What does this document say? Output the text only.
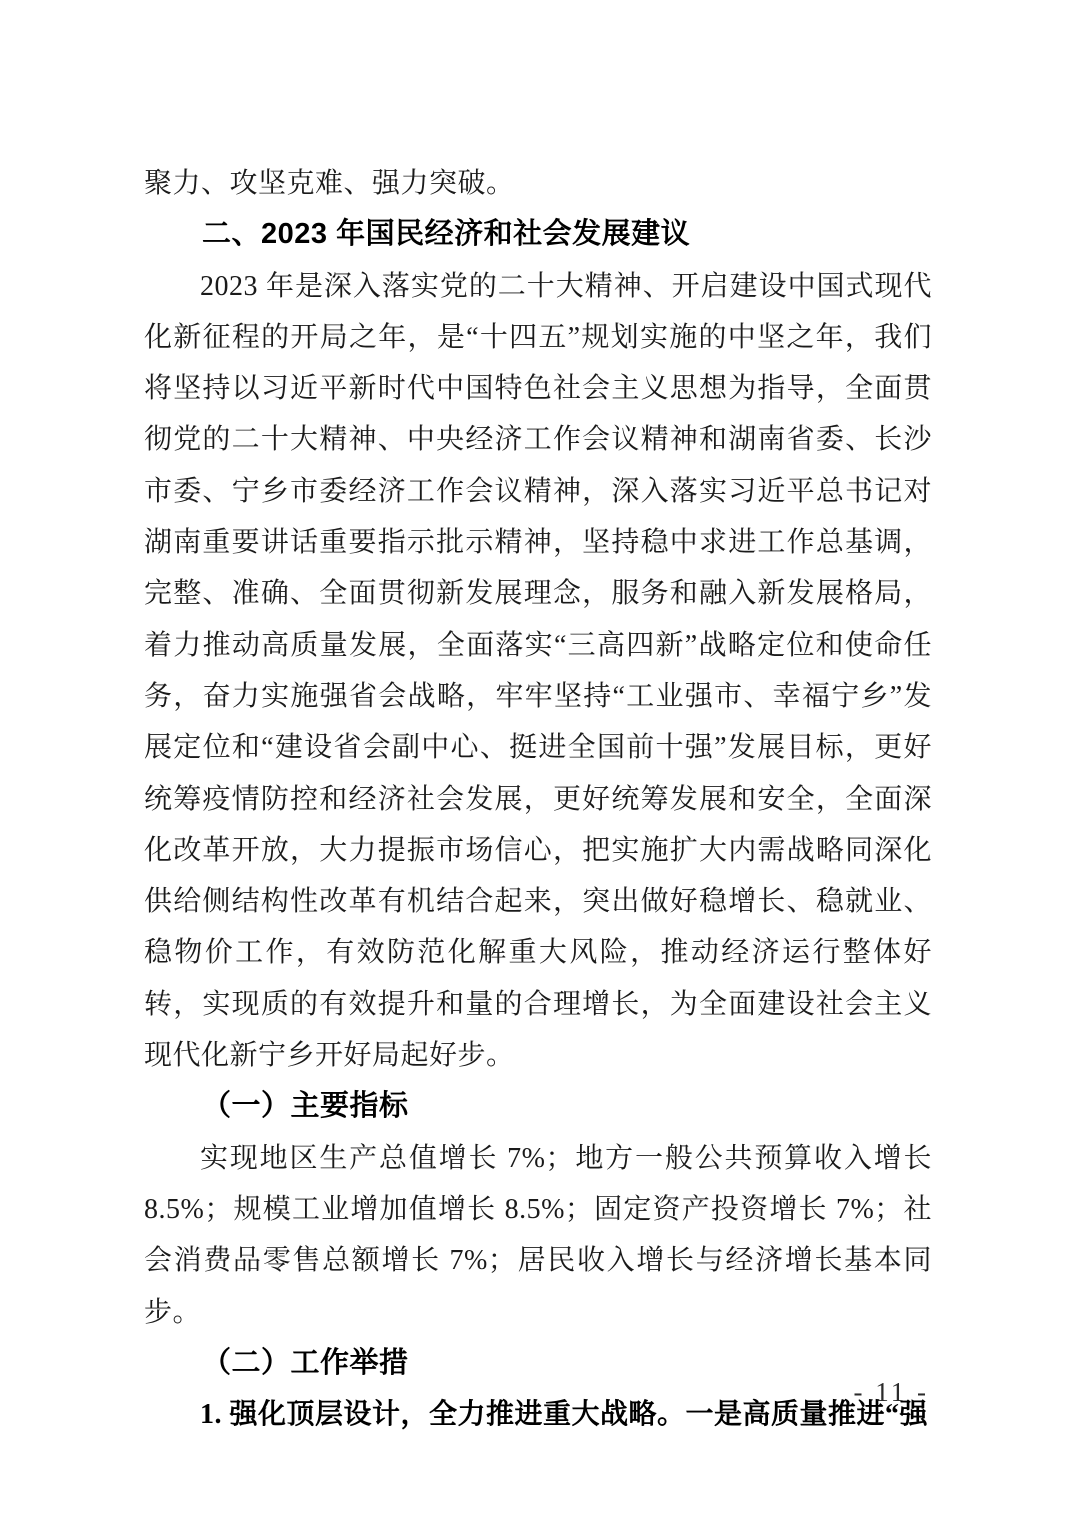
聚力、攻坚克难、强力突破。

二、2023 年国民经济和社会发展建议

2023 年是深入落实党的二十大精神、开启建设中国式现代化新征程的开局之年，是“十四五”规划实施的中坚之年，我们将坚持以习近平新时代中国特色社会主义思想为指导，全面贯彻党的二十大精神、中央经济工作会议精神和湖南省委、长沙市委、宁乡市委经济工作会议精神，深入落实习近平总书记对湖南重要讲话重要指示批示精神，坚持稳中求进工作总基调，完整、准确、全面贯彻新发展理念，服务和融入新发展格局，着力推动高质量发展，全面落实“三高四新”战略定位和使命任务，奋力实施强省会战略，牢牢坚持“工业强市、幸福宁乡”发展定位和“建设省会副中心、挺进全国前十强”发展目标，更好统筹疫情防控和经济社会发展，更好统筹发展和安全，全面深化改革开放，大力提振市场信心，把实施扩大内需战略同深化供给侧结构性改革有机结合起来，突出做好稳增长、稳就业、稳物价工作，有效防范化解重大风险，推动经济运行整体好转，实现质的有效提升和量的合理增长，为全面建设社会主义现代化新宁乡开好局起好步。

（一）主要指标

实现地区生产总值增长 7%；地方一般公共预算收入增长 8.5%；规模工业增加值增长 8.5%；固定资产投资增长 7%；社会消费品零售总额增长 7%；居民收入增长与经济增长基本同步。

（二）工作举措

1. 强化顶层设计，全力推进重大战略。一是高质量推进“强

- 11 -
